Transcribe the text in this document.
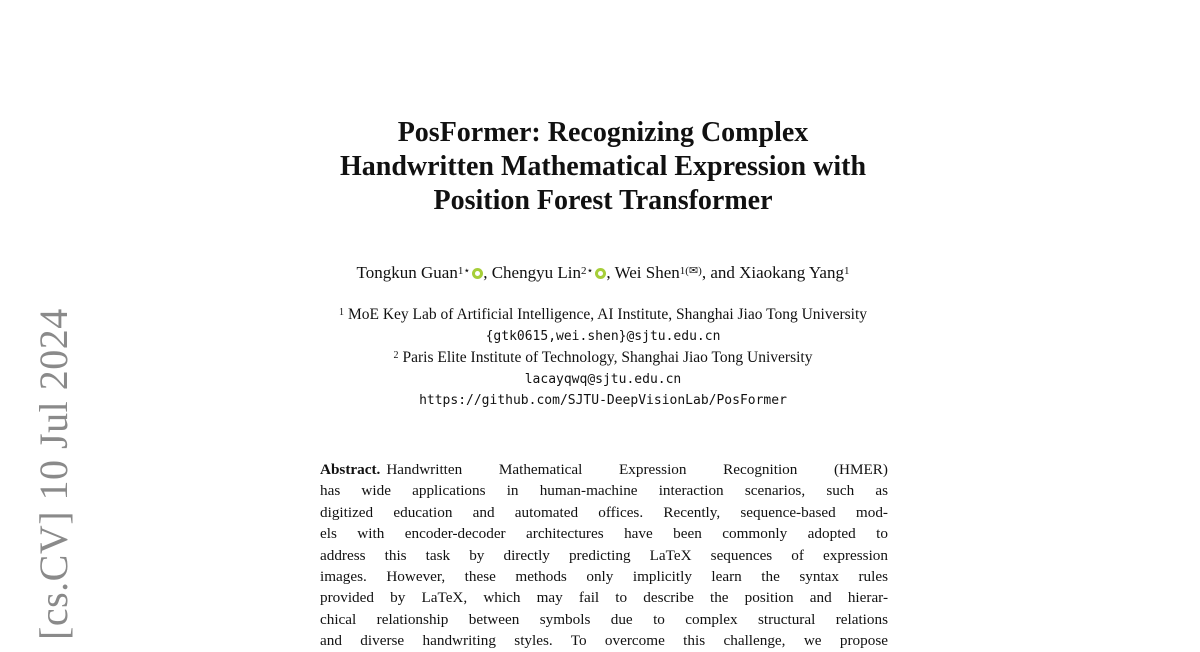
[cs.CV] 10 Jul 2024
PosFormer: Recognizing Complex
Handwritten Mathematical Expression with
Position Forest Transformer
Tongkun Guan$^{1⋆}$ , Chengyu Lin$^{2⋆}$ , Wei Shen$^{1(✉)}$, and Xiaokang Yang$^1$
$^1$ MoE Key Lab of Artificial Intelligence, AI Institute, Shanghai Jiao Tong University
{gtk0615,wei.shen}@sjtu.edu.cn
$^2$ Paris Elite Institute of Technology, Shanghai Jiao Tong University
lacayqwq@sjtu.edu.cn
https://github.com/SJTU-DeepVisionLab/PosFormer
Abstract. Handwritten Mathematical Expression Recognition (HMER)
has wide applications in human-machine interaction scenarios, such as
digitized education and automated offices. Recently, sequence-based mod-
els with encoder-decoder architectures have been commonly adopted to
address this task by directly predicting LaTeX sequences of expression
images. However, these methods only implicitly learn the syntax rules
provided by LaTeX, which may fail to describe the position and hierar-
chical relationship between symbols due to complex structural relations
and diverse handwriting styles. To overcome this challenge, we propose
